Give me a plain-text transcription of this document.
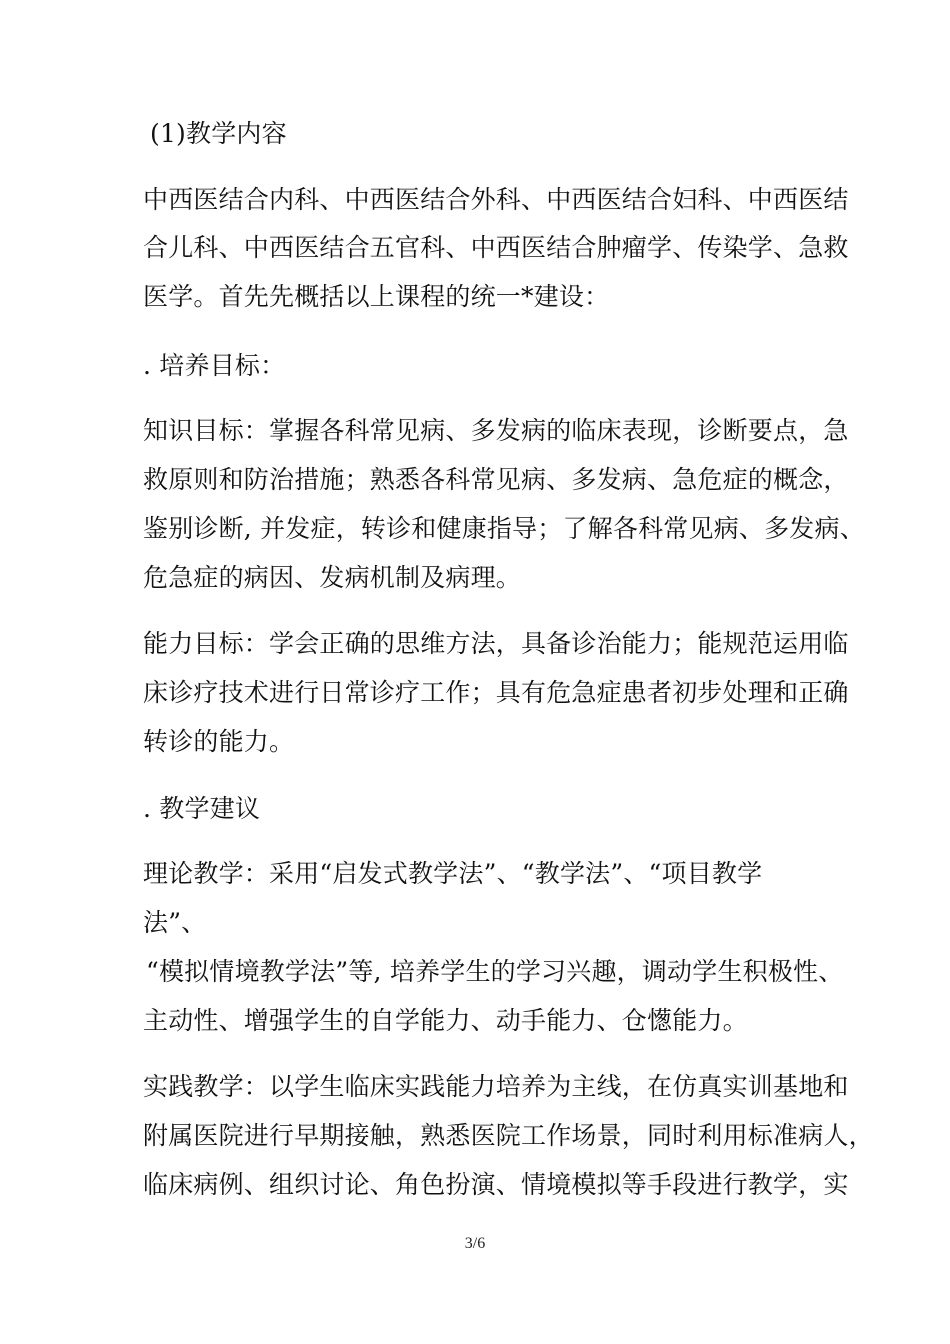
(1)教学内容
中西医结合内科、中西医结合外科、中西医结合妇科、中西医结
合儿科、中西医结合五官科、中西医结合肿瘤学、传染学、急救
医学。首先先概括以上课程的统一*建设：
. 培养目标：
知识目标：掌握各科常见病、多发病的临床表现，诊断要点，急
救原则和防治措施；熟悉各科常见病、多发病、急危症的概念，
鉴别诊断, 并发症，转诊和健康指导；了解各科常见病、多发病、
危急症的病因、发病机制及病理。
能力目标：学会正确的思维方法，具备诊治能力；能规范运用临
床诊疗技术进行日常诊疗工作；具有危急症患者初步处理和正确
转诊的能力。
. 教学建议
理论教学：采用“启发式教学法”、“教学法”、“项目教学
法”、
“模拟情境教学法”等, 培养学生的学习兴趣，调动学生积极性、
主动性、增强学生的自学能力、动手能力、仓憽能力。
实践教学：以学生临床实践能力培养为主线，在仿真实训基地和
附属医院进行早期接触，熟悉医院工作场景，同时利用标准病人，
临床病例、组织讨论、角色扮演、情境模拟等手段进行教学，实
3/6
